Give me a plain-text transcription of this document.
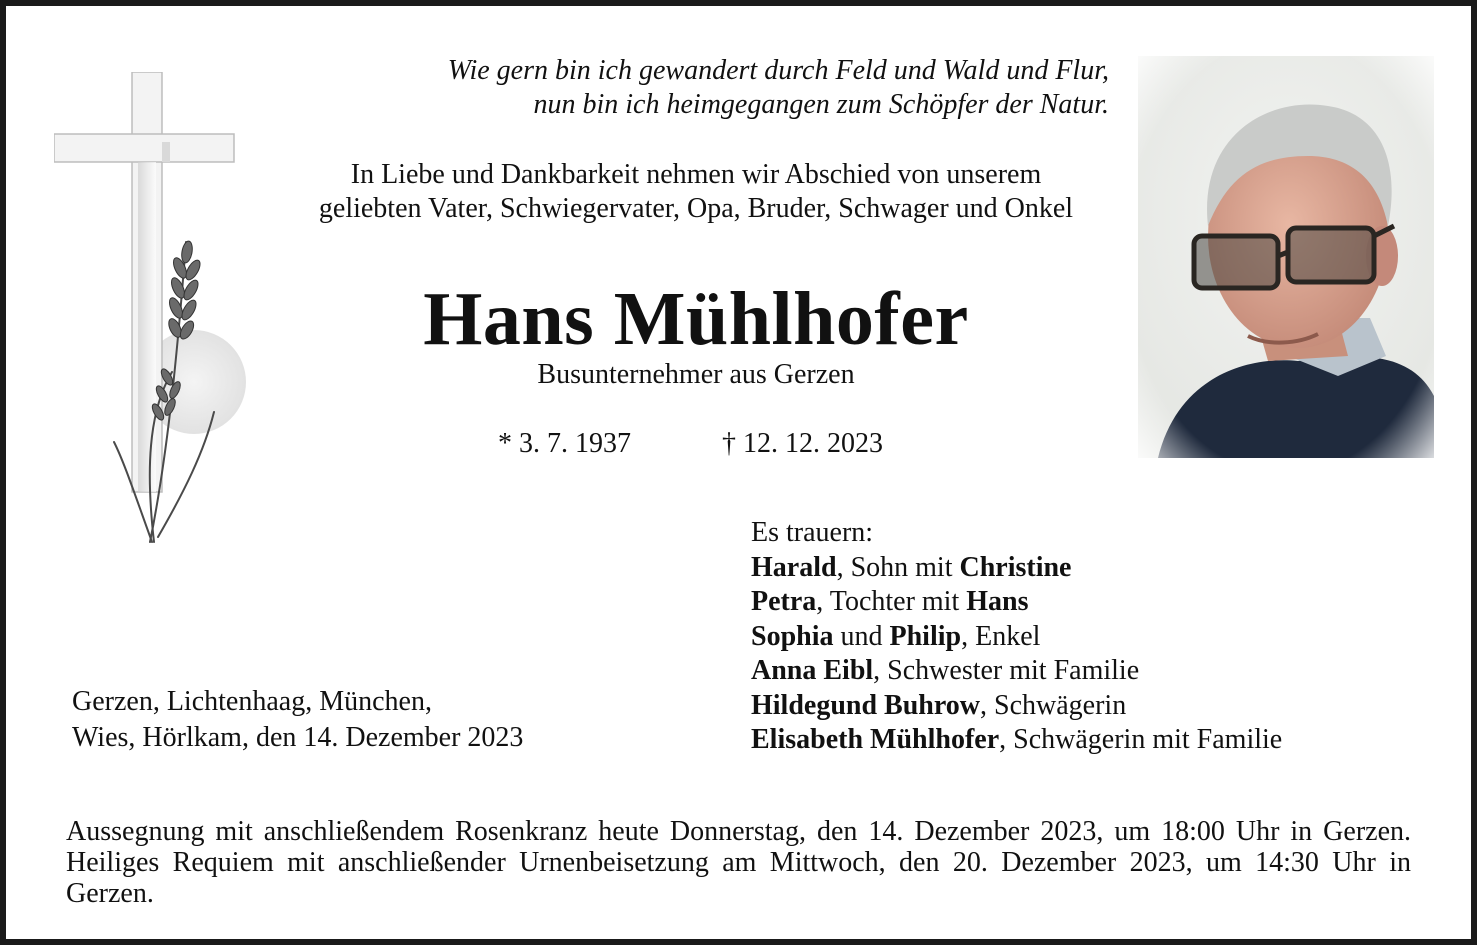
Wie gern bin ich gewandert durch Feld und Wald und Flur,
nun bin ich heimgegangen zum Schöpfer der Natur.
In Liebe und Dankbarkeit nehmen wir Abschied von unserem
geliebten Vater, Schwiegervater, Opa, Bruder, Schwager und Onkel
Hans Mühlhofer
Busunternehmer aus Gerzen
* 3. 7. 1937	† 12. 12. 2023
Es trauern:
Harald, Sohn mit Christine
Petra, Tochter mit Hans
Sophia und Philip, Enkel
Anna Eibl, Schwester mit Familie
Hildegund Buhrow, Schwägerin
Elisabeth Mühlhofer, Schwägerin mit Familie
Gerzen, Lichtenhaag, München,
Wies, Hörlkam, den 14. Dezember 2023
Aussegnung mit anschließendem Rosenkranz heute Donnerstag, den 14. Dezember 2023, um 18:00 Uhr in Gerzen. Heiliges Requiem mit anschließender Urnenbeisetzung am Mittwoch, den 20. Dezember 2023, um 14:30 Uhr in Gerzen.
